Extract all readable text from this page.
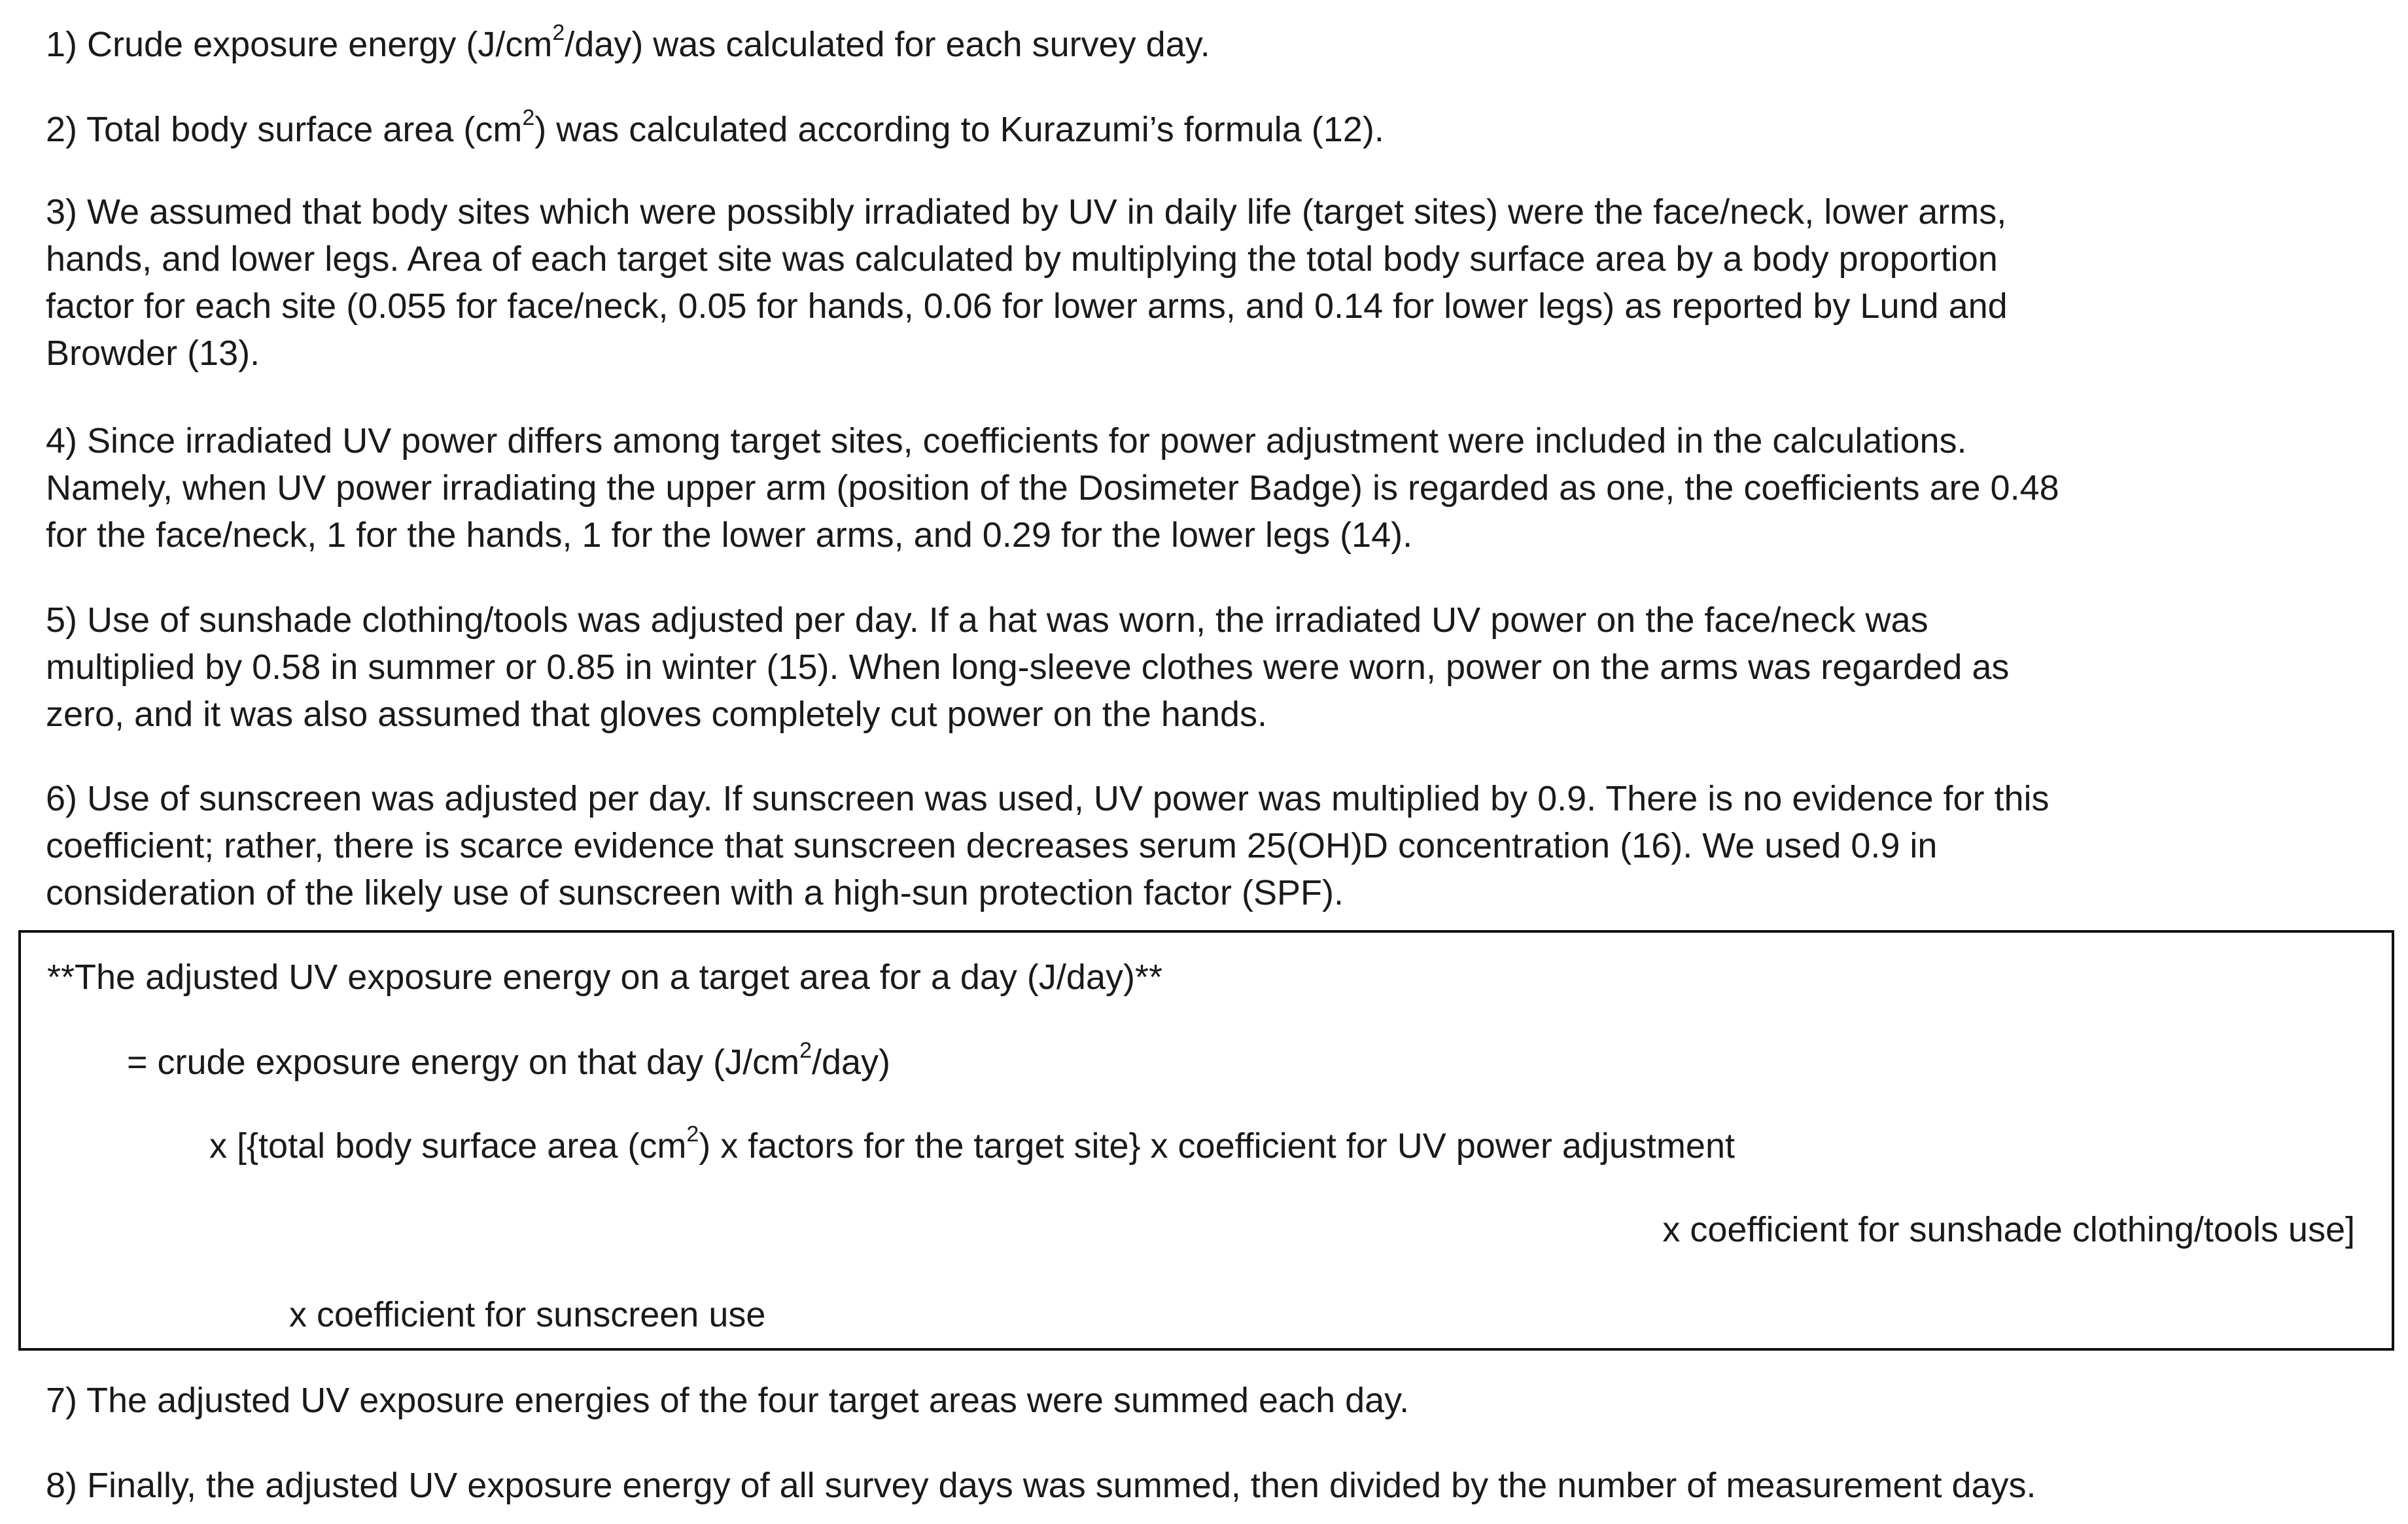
1) Crude exposure energy $(J/cm^2/day)$ was calculated for each survey day.

2) Total body surface area $(cm^2)$ was calculated according to Kurazumi’s formula (12).

3) We assumed that body sites which were possibly irradiated by UV in daily life (target sites) were the face/neck, lower arms,
hands, and lower legs. Area of each target site was calculated by multiplying the total body surface area by a body proportion
factor for each site (0.055 for face/neck, 0.05 for hands, 0.06 for lower arms, and 0.14 for lower legs) as reported by Lund and
Browder (13).

4) Since irradiated UV power differs among target sites, coefficients for power adjustment were included in the calculations.
Namely, when UV power irradiating the upper arm (position of the Dosimeter Badge) is regarded as one, the coefficients are 0.48
for the face/neck, 1 for the hands, 1 for the lower arms, and 0.29 for the lower legs (14).

5) Use of sunshade clothing/tools was adjusted per day. If a hat was worn, the irradiated UV power on the face/neck was
multiplied by 0.58 in summer or 0.85 in winter (15). When long-sleeve clothes were worn, power on the arms was regarded as
zero, and it was also assumed that gloves completely cut power on the hands.

6) Use of sunscreen was adjusted per day. If sunscreen was used, UV power was multiplied by 0.9. There is no evidence for this
coefficient; rather, there is scarce evidence that sunscreen decreases serum 25(OH)D concentration (16). We used 0.9 in
consideration of the likely use of sunscreen with a high-sun protection factor (SPF).

**The adjusted UV exposure energy on a target area for a day (J/day)**

= crude exposure energy on that day $(J/cm^2/day)$

x [{total body surface area $(cm^2)$ x factors for the target site} x coefficient for UV power adjustment

x coefficient for sunshade clothing/tools use]

x coefficient for sunscreen use

7) The adjusted UV exposure energies of the four target areas were summed each day.

8) Finally, the adjusted UV exposure energy of all survey days was summed, then divided by the number of measurement days.
